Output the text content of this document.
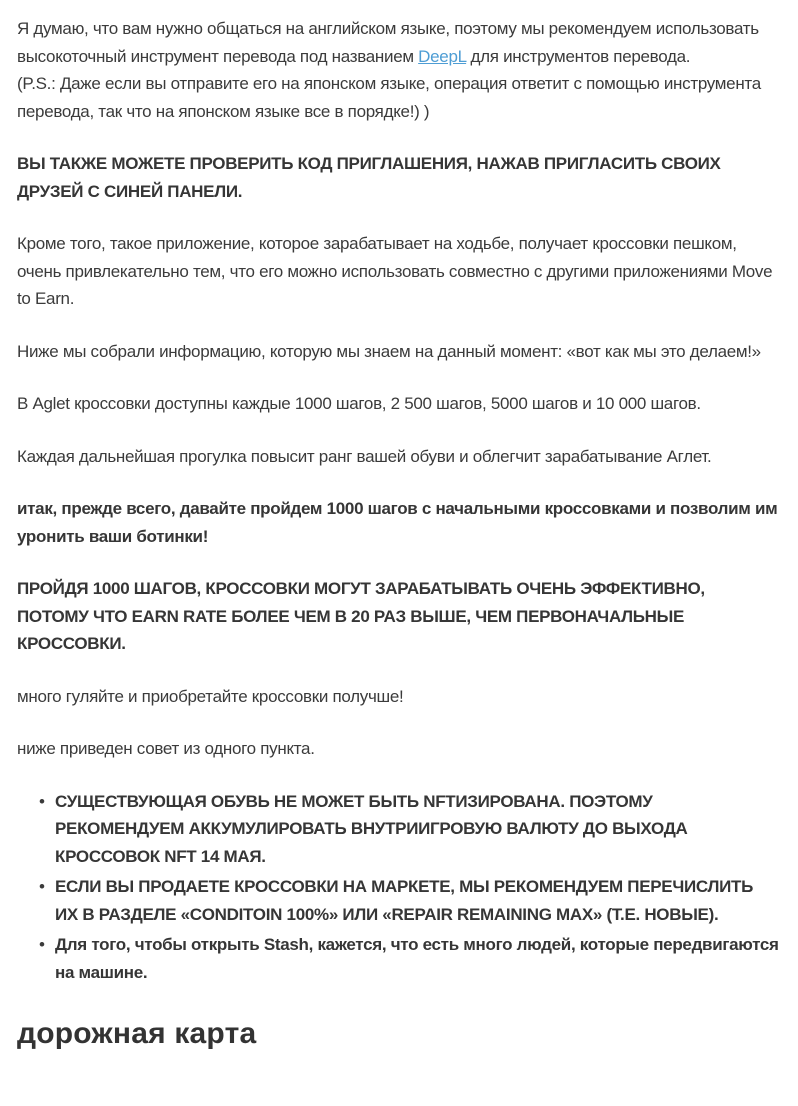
Я думаю, что вам нужно общаться на английском языке, поэтому мы рекомендуем использовать высокоточный инструмент перевода под названием DeepL для инструментов перевода.
(P.S.: Даже если вы отправите его на японском языке, операция ответит с помощью инструмента перевода, так что на японском языке все в порядке!) )

ВЫ ТАКЖЕ МОЖЕТЕ ПРОВЕРИТЬ КОД ПРИГЛАШЕНИЯ, НАЖАВ ПРИГЛАСИТЬ СВОИХ ДРУЗЕЙ С СИНЕЙ ПАНЕЛИ.

Кроме того, такое приложение, которое зарабатывает на ходьбе, получает кроссовки пешком, очень привлекательно тем, что его можно использовать совместно с другими приложениями Move to Earn.

Ниже мы собрали информацию, которую мы знаем на данный момент: «вот как мы это делаем!»

В Aglet кроссовки доступны каждые 1000 шагов, 2 500 шагов, 5000 шагов и 10 000 шагов.

Каждая дальнейшая прогулка повысит ранг вашей обуви и облегчит зарабатывание Аглет.

итак, прежде всего, давайте пройдем 1000 шагов с начальными кроссовками и позволим им уронить ваши ботинки!

ПРОЙДЯ 1000 ШАГОВ, КРОССОВКИ МОГУТ ЗАРАБАТЫВАТЬ ОЧЕНЬ ЭФФЕКТИВНО, ПОТОМУ ЧТО EARN RATE БОЛЕЕ ЧЕМ В 20 РАЗ ВЫШЕ, ЧЕМ ПЕРВОНАЧАЛЬНЫЕ КРОССОВКИ.

много гуляйте и приобретайте кроссовки получше!

ниже приведен совет из одного пункта.

• СУЩЕСТВУЮЩАЯ ОБУВЬ НЕ МОЖЕТ БЫТЬ NFTИЗИРОВАНА. ПОЭТОМУ РЕКОМЕНДУЕМ АККУМУЛИРОВАТЬ ВНУТРИИГРОВУЮ ВАЛЮТУ ДО ВЫХОДА КРОССОВОК NFT 14 МАЯ.
• ЕСЛИ ВЫ ПРОДАЕТЕ КРОССОВКИ НА МАРКЕТЕ, МЫ РЕКОМЕНДУЕМ ПЕРЕЧИСЛИТЬ ИХ В РАЗДЕЛЕ «CONDITOIN 100%» ИЛИ «REPAIR REMAINING MAX» (Т.Е. НОВЫЕ).
• Для того, чтобы открыть Stash, кажется, что есть много людей, которые передвигаются на машине.
дорожная карта
